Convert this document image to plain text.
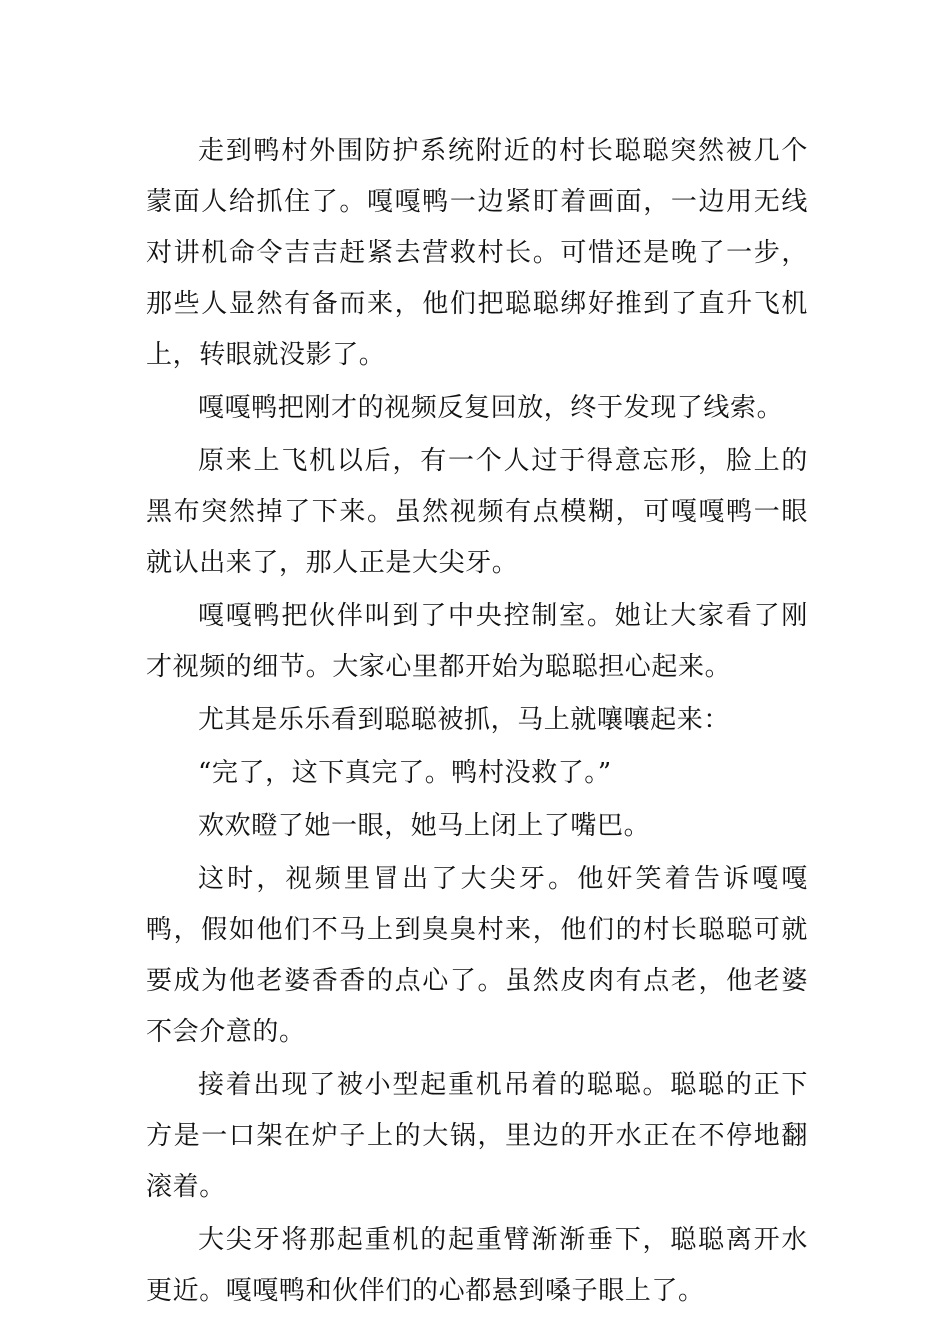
走到鸭村外围防护系统附近的村长聪聪突然被几个蒙面人给抓住了。嘎嘎鸭一边紧盯着画面，一边用无线对讲机命令吉吉赶紧去营救村长。可惜还是晚了一步，那些人显然有备而来，他们把聪聪绑好推到了直升飞机上，转眼就没影了。

嘎嘎鸭把刚才的视频反复回放，终于发现了线索。

原来上飞机以后，有一个人过于得意忘形，脸上的黑布突然掉了下来。虽然视频有点模糊，可嘎嘎鸭一眼就认出来了，那人正是大尖牙。

嘎嘎鸭把伙伴叫到了中央控制室。她让大家看了刚才视频的细节。大家心里都开始为聪聪担心起来。

尤其是乐乐看到聪聪被抓，马上就嚷嚷起来：

“完了，这下真完了。鸭村没救了。”

欢欢瞪了她一眼，她马上闭上了嘴巴。

这时，视频里冒出了大尖牙。他奸笑着告诉嘎嘎鸭，假如他们不马上到臭臭村来，他们的村长聪聪可就要成为他老婆香香的点心了。虽然皮肉有点老，他老婆不会介意的。

接着出现了被小型起重机吊着的聪聪。聪聪的正下方是一口架在炉子上的大锅，里边的开水正在不停地翻滚着。

大尖牙将那起重机的起重臂渐渐垂下，聪聪离开水更近。嘎嘎鸭和伙伴们的心都悬到嗓子眼上了。
